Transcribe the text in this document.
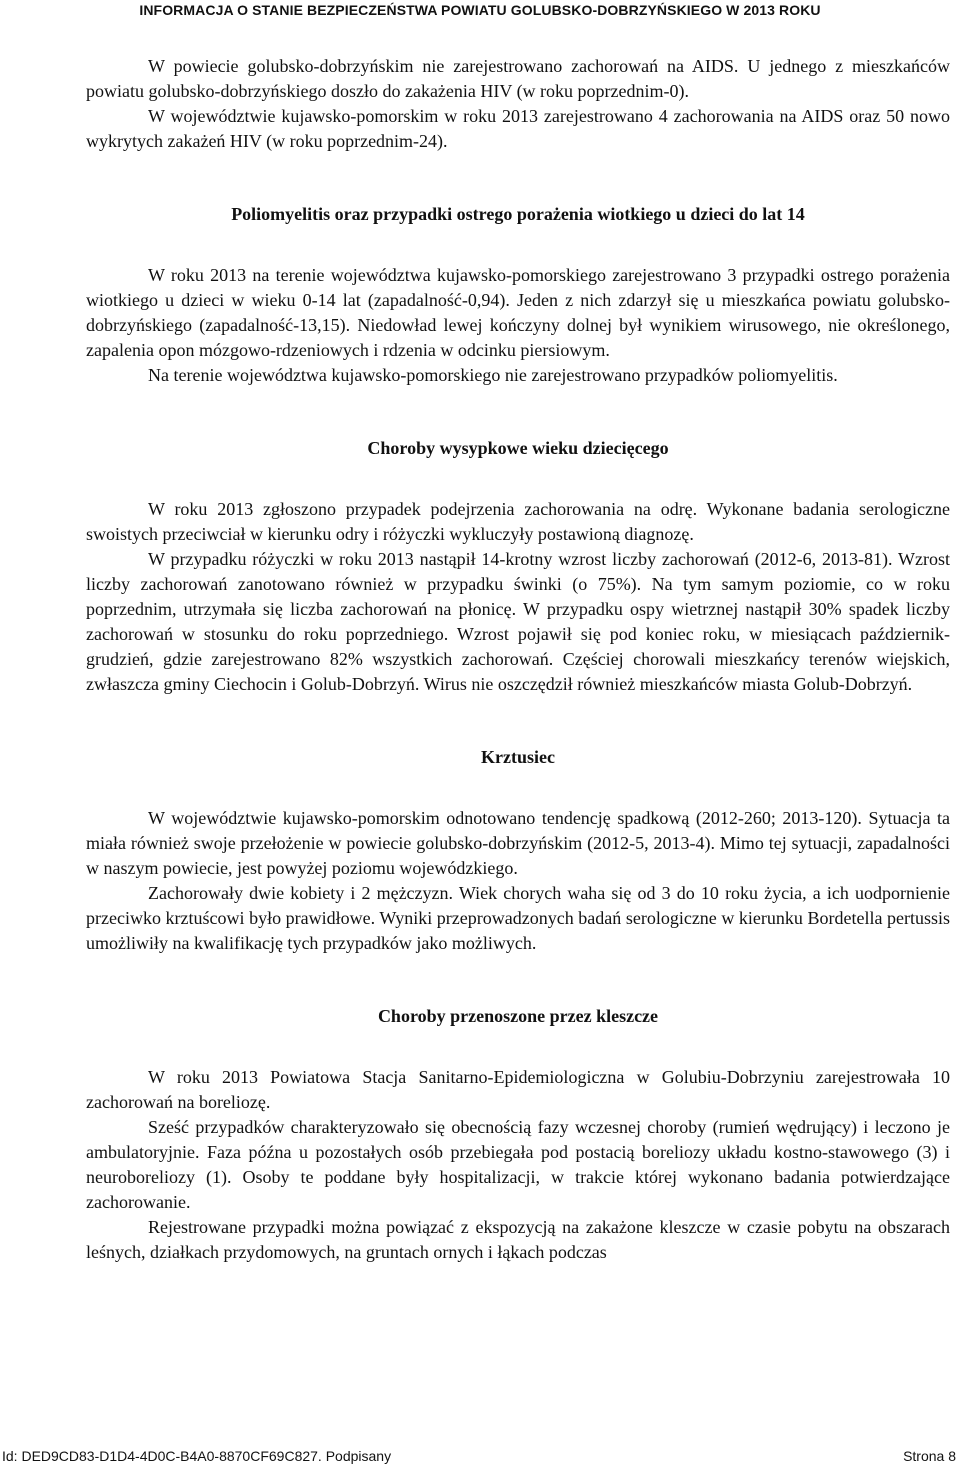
INFORMACJA O STANIE BEZPIECZEŃSTWA POWIATU GOLUBSKO-DOBRZYŃSKIEGO W 2013 ROKU

W powiecie golubsko-dobrzyńskim nie zarejestrowano zachorowań na AIDS. U jednego z mieszkańców powiatu golubsko-dobrzyńskiego doszło do zakażenia HIV (w roku poprzednim-0).

W województwie kujawsko-pomorskim w roku 2013 zarejestrowano 4 zachorowania na AIDS oraz 50 nowo wykrytych zakażeń HIV (w roku poprzednim-24).

Poliomyelitis oraz przypadki ostrego porażenia wiotkiego u dzieci do lat 14

W roku 2013 na terenie województwa kujawsko-pomorskiego zarejestrowano 3 przypadki ostrego porażenia wiotkiego u dzieci w wieku 0-14 lat (zapadalność-0,94). Jeden z nich zdarzył się u mieszkańca powiatu golubsko-dobrzyńskiego (zapadalność-13,15). Niedowład lewej kończyny dolnej był wynikiem wirusowego, nie określonego, zapalenia opon mózgowo-rdzeniowych i rdzenia w odcinku piersiowym.

Na terenie województwa kujawsko-pomorskiego nie zarejestrowano przypadków poliomyelitis.

Choroby wysypkowe wieku dziecięcego

W roku 2013 zgłoszono przypadek podejrzenia zachorowania na odrę. Wykonane badania serologiczne swoistych przeciwciał w kierunku odry i różyczki wykluczyły postawioną diagnozę.

W przypadku różyczki w roku 2013 nastąpił 14-krotny wzrost liczby zachorowań (2012-6, 2013-81). Wzrost liczby zachorowań zanotowano również w przypadku świnki (o 75%). Na tym samym poziomie, co w roku poprzednim, utrzymała się liczba zachorowań na płonicę. W przypadku ospy wietrznej nastąpił 30% spadek liczby zachorowań w stosunku do roku poprzedniego. Wzrost pojawił się pod koniec roku, w miesiącach październik-grudzień, gdzie zarejestrowano 82% wszystkich zachorowań. Częściej chorowali mieszkańcy terenów wiejskich, zwłaszcza gminy Ciechocin i Golub-Dobrzyń. Wirus nie oszczędził również mieszkańców miasta Golub-Dobrzyń.

Krztusiec

W województwie kujawsko-pomorskim odnotowano tendencję spadkową (2012-260; 2013-120). Sytuacja ta miała również swoje przełożenie w powiecie golubsko-dobrzyńskim (2012-5, 2013-4). Mimo tej sytuacji, zapadalności w naszym powiecie, jest powyżej poziomu wojewódzkiego.

Zachorowały dwie kobiety i 2 mężczyzn. Wiek chorych waha się od 3 do 10 roku życia, a ich uodpornienie przeciwko krztuścowi było prawidłowe. Wyniki przeprowadzonych badań serologiczne w kierunku Bordetella pertussis umożliwiły na kwalifikację tych przypadków jako możliwych.

Choroby przenoszone przez kleszcze

W roku 2013 Powiatowa Stacja Sanitarno-Epidemiologiczna w Golubiu-Dobrzyniu zarejestrowała 10 zachorowań na boreliozę.

Sześć przypadków charakteryzowało się obecnością fazy wczesnej choroby (rumień wędrujący) i leczono je ambulatoryjnie. Faza późna u pozostałych osób przebiegała pod postacią boreliozy układu kostno-stawowego (3) i neuroboreliozy (1). Osoby te poddane były hospitalizacji, w trakcie której wykonano badania potwierdzające zachorowanie.

Rejestrowane przypadki można powiązać z ekspozycją na zakażone kleszcze w czasie pobytu na obszarach leśnych, działkach przydomowych, na gruntach ornych i łąkach podczas

Id: DED9CD83-D1D4-4D0C-B4A0-8870CF69C827. Podpisany	Strona 8
